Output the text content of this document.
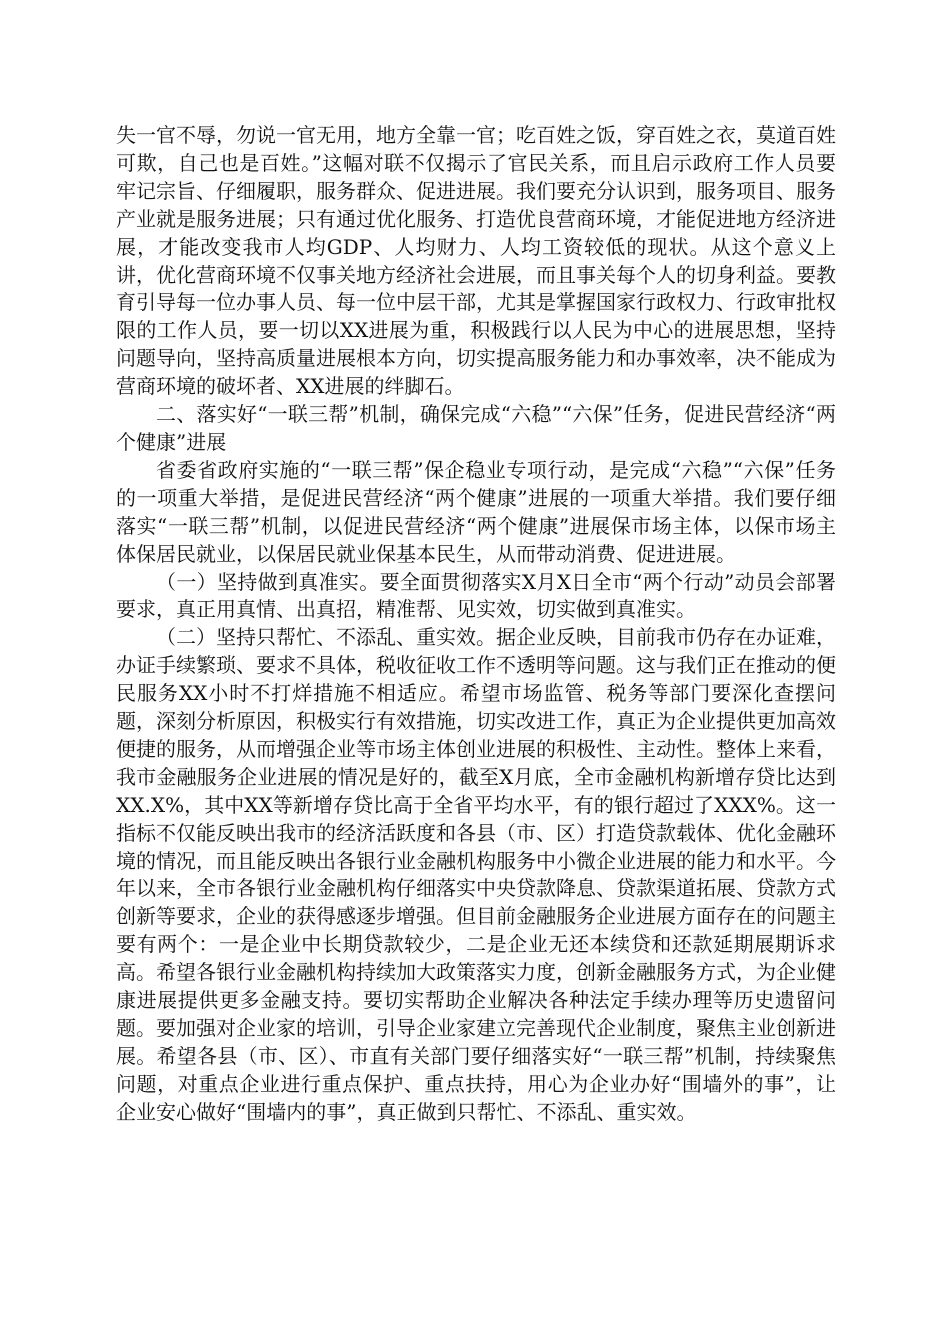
失一官不辱，勿说一官无用，地方全靠一官；吃百姓之饭，穿百姓之衣，莫道百姓可欺，自己也是百姓。”这幅对联不仅揭示了官民关系，而且启示政府工作人员要牢记宗旨、仔细履职，服务群众、促进进展。我们要充分认识到，服务项目、服务产业就是服务进展；只有通过优化服务、打造优良营商环境，才能促进地方经济进展，才能改变我市人均GDP、人均财力、人均工资较低的现状。从这个意义上讲，优化营商环境不仅事关地方经济社会进展，而且事关每个人的切身利益。要教育引导每一位办事人员、每一位中层干部，尤其是掌握国家行政权力、行政审批权限的工作人员，要一切以XX进展为重，积极践行以人民为中心的进展思想，坚持问题导向，坚持高质量进展根本方向，切实提高服务能力和办事效率，决不能成为营商环境的破坏者、XX进展的绊脚石。

二、落实好“一联三帮”机制，确保完成“六稳”“六保”任务，促进民营经济“两个健康”进展

省委省政府实施的“一联三帮”保企稳业专项行动，是完成“六稳”“六保”任务的一项重大举措，是促进民营经济“两个健康”进展的一项重大举措。我们要仔细落实“一联三帮”机制，以促进民营经济“两个健康”进展保市场主体，以保市场主体保居民就业，以保居民就业保基本民生，从而带动消费、促进进展。

（一）坚持做到真准实。要全面贯彻落实X月X日全市“两个行动”动员会部署要求，真正用真情、出真招，精准帮、见实效，切实做到真准实。

（二）坚持只帮忙、不添乱、重实效。据企业反映，目前我市仍存在办证难，办证手续繁琐、要求不具体，税收征收工作不透明等问题。这与我们正在推动的便民服务XX小时不打烊措施不相适应。希望市场监管、税务等部门要深化查摆问题，深刻分析原因，积极实行有效措施，切实改进工作，真正为企业提供更加高效便捷的服务，从而增强企业等市场主体创业进展的积极性、主动性。整体上来看，我市金融服务企业进展的情况是好的，截至X月底，全市金融机构新增存贷比达到XX.X%，其中XX等新增存贷比高于全省平均水平，有的银行超过了XXX%。这一指标不仅能反映出我市的经济活跃度和各县（市、区）打造贷款载体、优化金融环境的情况，而且能反映出各银行业金融机构服务中小微企业进展的能力和水平。今年以来，全市各银行业金融机构仔细落实中央贷款降息、贷款渠道拓展、贷款方式创新等要求，企业的获得感逐步增强。但目前金融服务企业进展方面存在的问题主要有两个：一是企业中长期贷款较少，二是企业无还本续贷和还款延期展期诉求高。希望各银行业金融机构持续加大政策落实力度，创新金融服务方式，为企业健康进展提供更多金融支持。要切实帮助企业解决各种法定手续办理等历史遗留问题。要加强对企业家的培训，引导企业家建立完善现代企业制度，聚焦主业创新进展。希望各县（市、区）、市直有关部门要仔细落实好“一联三帮”机制，持续聚焦问题，对重点企业进行重点保护、重点扶持，用心为企业办好“围墙外的事”，让企业安心做好“围墙内的事”，真正做到只帮忙、不添乱、重实效。
